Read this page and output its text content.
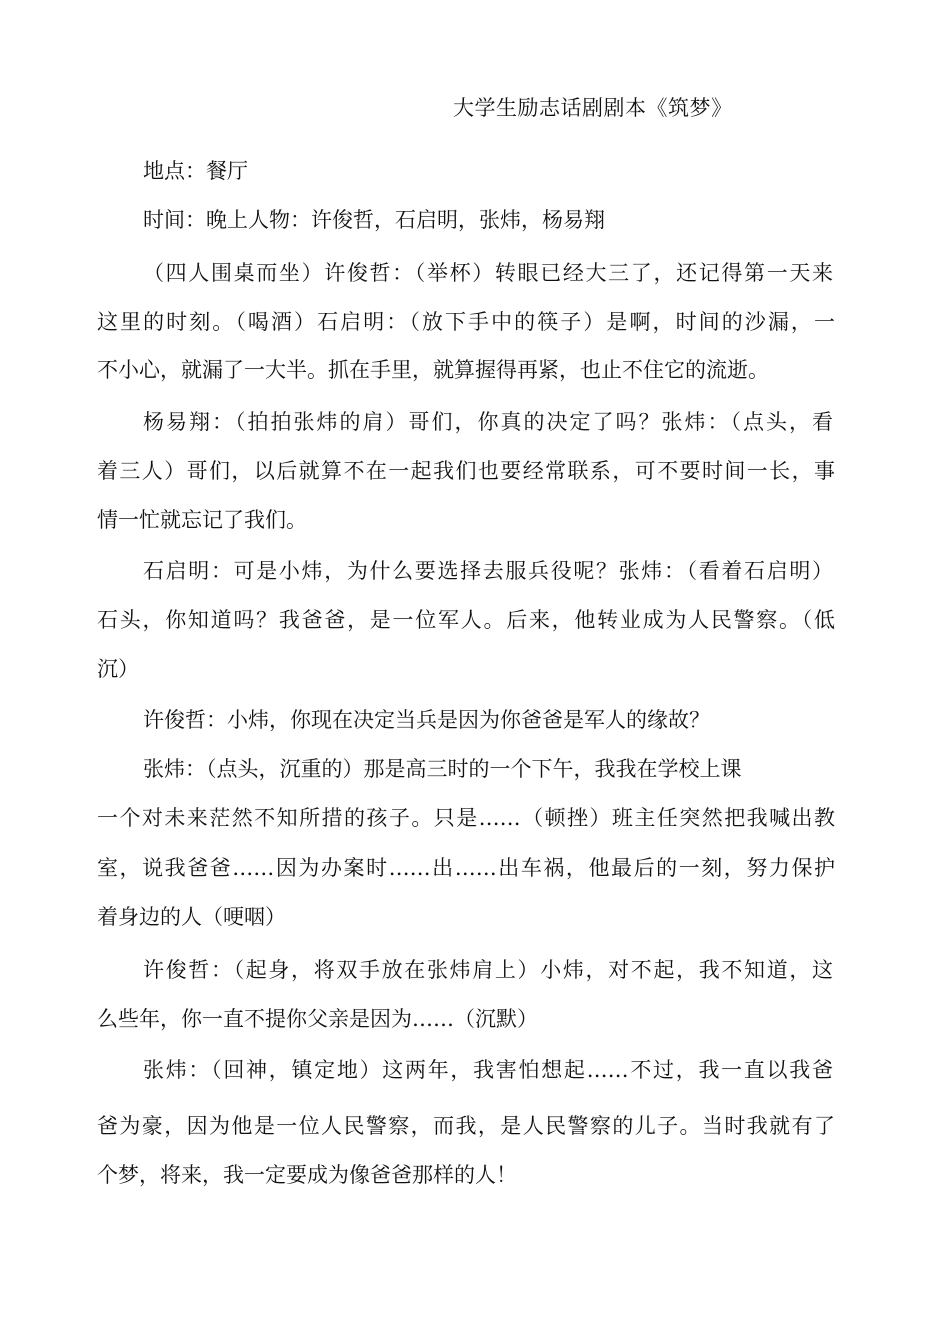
大学生励志话剧剧本《筑梦》
地点：餐厅
时间：晚上人物：许俊哲，石启明，张炜，杨易翔
（四人围桌而坐）许俊哲：（举杯）转眼已经大三了，还记得第一天来
这里的时刻。（喝酒）石启明：（放下手中的筷子）是啊，时间的沙漏，一
不小心，就漏了一大半。抓在手里，就算握得再紧，也止不住它的流逝。
杨易翔：（拍拍张炜的肩）哥们，你真的决定了吗？张炜：（点头，看
着三人）哥们，以后就算不在一起我们也要经常联系，可不要时间一长，事
情一忙就忘记了我们。
石启明：可是小炜，为什么要选择去服兵役呢？张炜：（看着石启明）
石头，你知道吗？我爸爸，是一位军人。后来，他转业成为人民警察。（低
沉）
许俊哲：小炜，你现在决定当兵是因为你爸爸是军人的缘故？
张炜：（点头，沉重的）那是高三时的一个下午，我我在学校上课
一个对未来茫然不知所措的孩子。只是……（顿挫）班主任突然把我喊出教
室，说我爸爸……因为办案时……出……出车祸，他最后的一刻，努力保护
着身边的人（哽咽）
许俊哲：（起身，将双手放在张炜肩上）小炜，对不起，我不知道，这
么些年，你一直不提你父亲是因为……（沉默）
张炜：（回神，镇定地）这两年，我害怕想起……不过，我一直以我爸
爸为豪，因为他是一位人民警察，而我，是人民警察的儿子。当时我就有了
个梦，将来，我一定要成为像爸爸那样的人！
